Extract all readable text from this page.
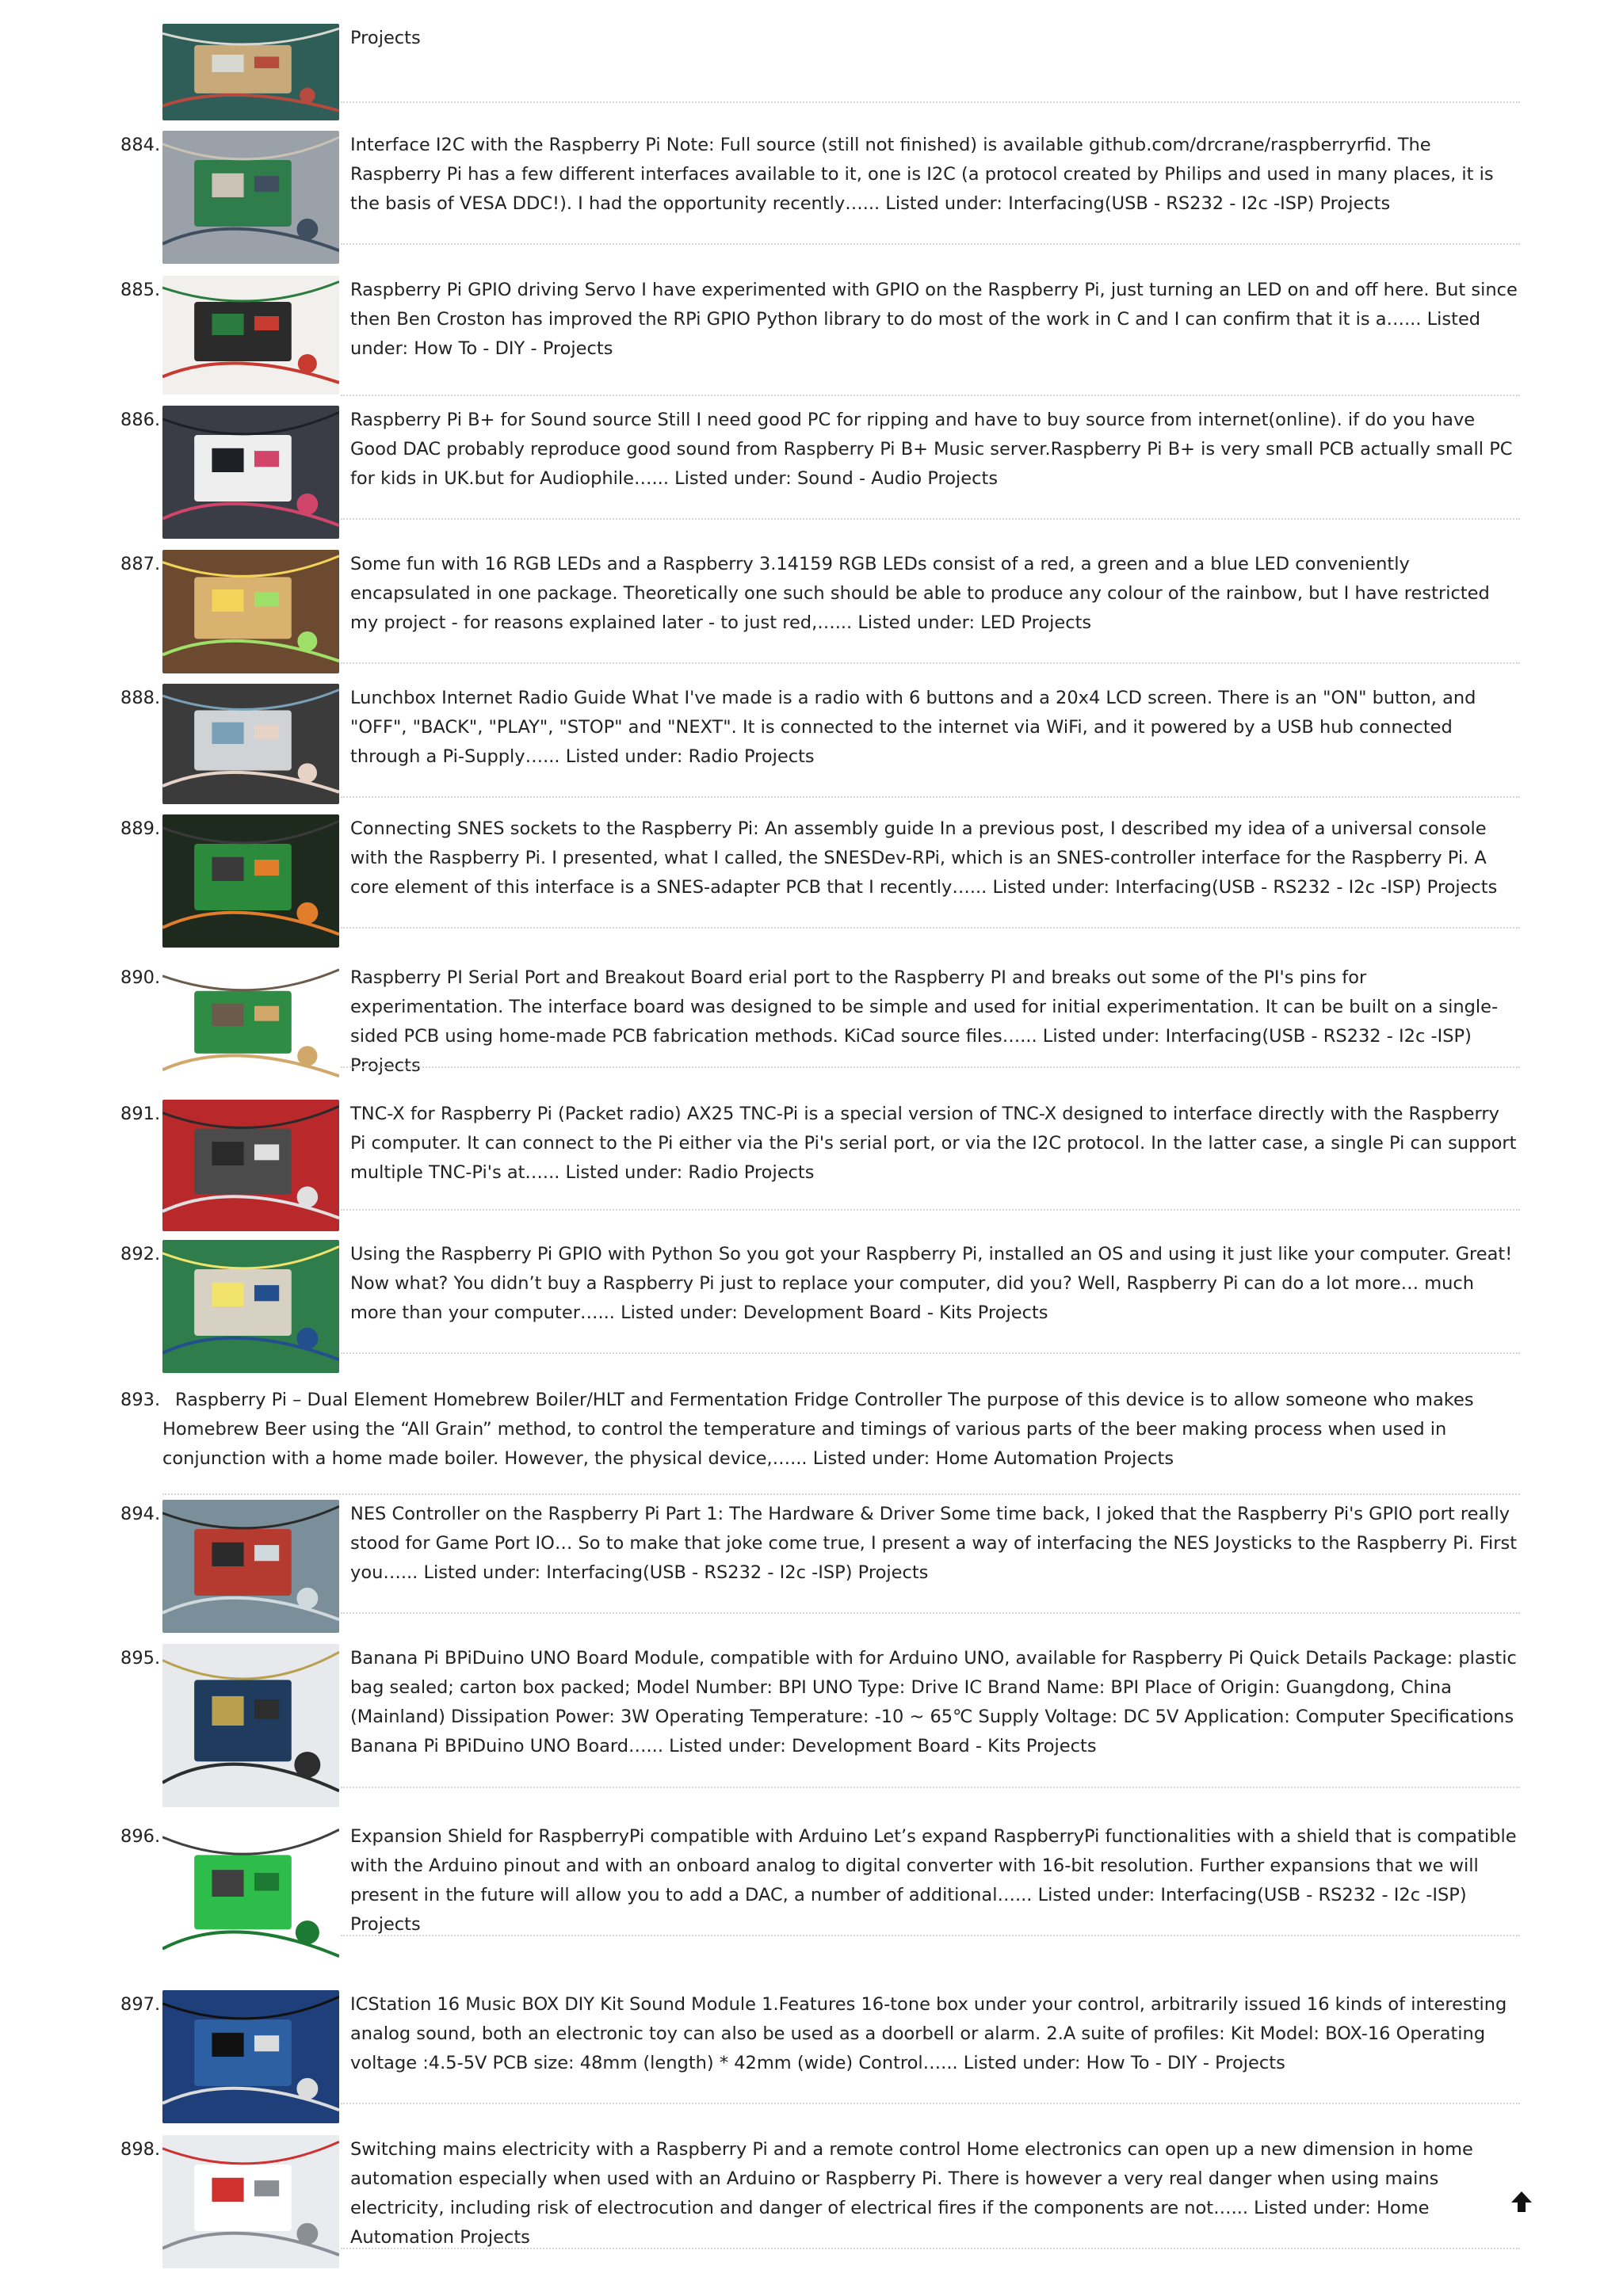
Projects

884.	Interface I2C with the Raspberry Pi Note: Full source (still not finished) is available github.com/drcrane/raspberryrfid. The Raspberry Pi has a few different interfaces available to it, one is I2C (a protocol created by Philips and used in many places, it is the basis of VESA DDC!). I had the opportunity recently…... Listed under: Interfacing(USB - RS232 - I2c -ISP) Projects

885.	Raspberry Pi GPIO driving Servo I have experimented with GPIO on the Raspberry Pi, just turning an LED on and off here. But since then Ben Croston has improved the RPi GPIO Python library to do most of the work in C and I can confirm that it is a…... Listed under: How To - DIY - Projects

886.	Raspberry Pi B+ for Sound source Still I need good PC for ripping and have to buy source from internet(online). if do you have Good DAC probably reproduce good sound from Raspberry Pi B+ Music server.Raspberry Pi B+ is very small PCB actually small PC for kids in UK.but for Audiophile…... Listed under: Sound - Audio Projects

887.	Some fun with 16 RGB LEDs and a Raspberry 3.14159 RGB LEDs consist of a red, a green and a blue LED conveniently encapsulated in one package. Theoretically one such should be able to produce any colour of the rainbow, but I have restricted my project - for reasons explained later - to just red,…... Listed under: LED Projects

888.	Lunchbox Internet Radio Guide What I've made is a radio with 6 buttons and a 20x4 LCD screen. There is an "ON" button, and "OFF", "BACK", "PLAY", "STOP" and "NEXT". It is connected to the internet via WiFi, and it powered by a USB hub connected through a Pi-Supply…... Listed under: Radio Projects

889.	Connecting SNES sockets to the Raspberry Pi: An assembly guide In a previous post, I described my idea of a universal console with the Raspberry Pi. I presented, what I called, the SNESDev-RPi, which is an SNES-controller interface for the Raspberry Pi. A core element of this interface is a SNES-adapter PCB that I recently…... Listed under: Interfacing(USB - RS232 - I2c -ISP) Projects

890.	Raspberry PI Serial Port and Breakout Board erial port to the Raspberry PI and breaks out some of the PI's pins for experimentation. The interface board was designed to be simple and used for initial experimentation. It can be built on a single-sided PCB using home-made PCB fabrication methods. KiCad source files…... Listed under: Interfacing(USB - RS232 - I2c -ISP) Projects

891.	TNC-X for Raspberry Pi (Packet radio) AX25 TNC-Pi is a special version of TNC-X designed to interface directly with the Raspberry Pi computer. It can connect to the Pi either via the Pi's serial port, or via the I2C protocol. In the latter case, a single Pi can support multiple TNC-Pi's at…... Listed under: Radio Projects

892.	Using the Raspberry Pi GPIO with Python So you got your Raspberry Pi, installed an OS and using it just like your computer. Great! Now what? You didn’t buy a Raspberry Pi just to replace your computer, did you? Well, Raspberry Pi can do a lot more… much more than your computer…... Listed under: Development Board - Kits Projects

893. Raspberry Pi – Dual Element Homebrew Boiler/HLT and Fermentation Fridge Controller The purpose of this device is to allow someone who makes Homebrew Beer using the “All Grain” method, to control the temperature and timings of various parts of the beer making process when used in conjunction with a home made boiler. However, the physical device,…... Listed under: Home Automation Projects

894.	NES Controller on the Raspberry Pi Part 1: The Hardware & Driver Some time back, I joked that the Raspberry Pi's GPIO port really stood for Game Port IO… So to make that joke come true, I present a way of interfacing the NES Joysticks to the Raspberry Pi. First you…... Listed under: Interfacing(USB - RS232 - I2c -ISP) Projects

895.	Banana Pi BPiDuino UNO Board Module, compatible with for Arduino UNO, available for Raspberry Pi Quick Details Package: plastic bag sealed; carton box packed; Model Number: BPI UNO Type: Drive IC Brand Name: BPI Place of Origin: Guangdong, China (Mainland) Dissipation Power: 3W Operating Temperature: -10 ~ 65℃ Supply Voltage: DC 5V Application: Computer Specifications Banana Pi BPiDuino UNO Board…... Listed under: Development Board - Kits Projects

896.	Expansion Shield for RaspberryPi compatible with Arduino Let’s expand RaspberryPi functionalities with a shield that is compatible with the Arduino pinout and with an onboard analog to digital converter with 16-bit resolution. Further expansions that we will present in the future will allow you to add a DAC, a number of additional…... Listed under: Interfacing(USB - RS232 - I2c -ISP) Projects

897.	ICStation 16 Music BOX DIY Kit Sound Module 1.Features 16-tone box under your control, arbitrarily issued 16 kinds of interesting analog sound, both an electronic toy can also be used as a doorbell or alarm. 2.A suite of profiles: Kit Model: BOX-16 Operating voltage :4.5-5V PCB size: 48mm (length) * 42mm (wide) Control…... Listed under: How To - DIY - Projects

898.	Switching mains electricity with a Raspberry Pi and a remote control Home electronics can open up a new dimension in home automation especially when used with an Arduino or Raspberry Pi. There is however a very real danger when using mains electricity, including risk of electrocution and danger of electrical fires if the components are not…... Listed under: Home Automation Projects
